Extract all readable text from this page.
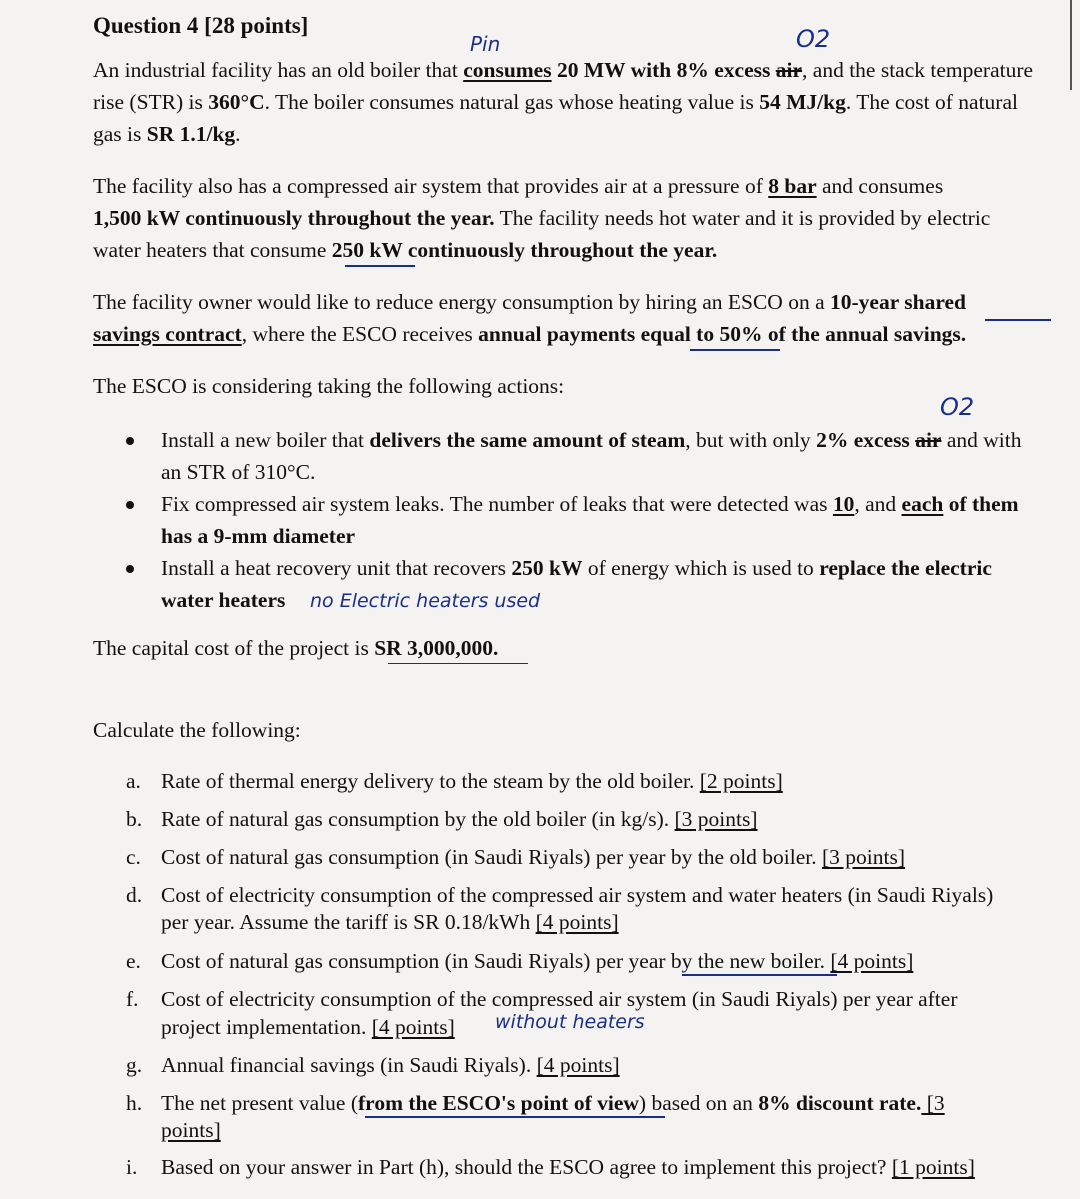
Question 4 [28 points]
Pin	O2
An industrial facility has an old boiler that consumes 20 MW with 8% excess air, and the stack temperature
rise (STR) is 360°C. The boiler consumes natural gas whose heating value is 54 MJ/kg. The cost of natural
gas is SR 1.1/kg.
The facility also has a compressed air system that provides air at a pressure of 8 bar and consumes
1,500 kW continuously throughout the year. The facility needs hot water and it is provided by electric
water heaters that consume 250 kW continuously throughout the year.
The facility owner would like to reduce energy consumption by hiring an ESCO on a 10-year shared
savings contract, where the ESCO receives annual payments equal to 50% of the annual savings.
The ESCO is considering taking the following actions:
O2
Install a new boiler that delivers the same amount of steam, but with only 2% excess air and with
an STR of 310°C.
Fix compressed air system leaks. The number of leaks that were detected was 10, and each of them
has a 9-mm diameter
Install a heat recovery unit that recovers 250 kW of energy which is used to replace the electric
water heaters no Electric heaters used
The capital cost of the project is SR 3,000,000.
Calculate the following:
a. Rate of thermal energy delivery to the steam by the old boiler. [2 points]
b. Rate of natural gas consumption by the old boiler (in kg/s). [3 points]
c. Cost of natural gas consumption (in Saudi Riyals) per year by the old boiler. [3 points]
d. Cost of electricity consumption of the compressed air system and water heaters (in Saudi Riyals)
per year. Assume the tariff is SR 0.18/kWh [4 points]
e. Cost of natural gas consumption (in Saudi Riyals) per year by the new boiler. [4 points]
f. Cost of electricity consumption of the compressed air system (in Saudi Riyals) per year after
project implementation. [4 points] without heaters
g. Annual financial savings (in Saudi Riyals). [4 points]
h. The net present value (from the ESCO's point of view) based on an 8% discount rate. [3
points]
i. Based on your answer in Part (h), should the ESCO agree to implement this project? [1 points]
